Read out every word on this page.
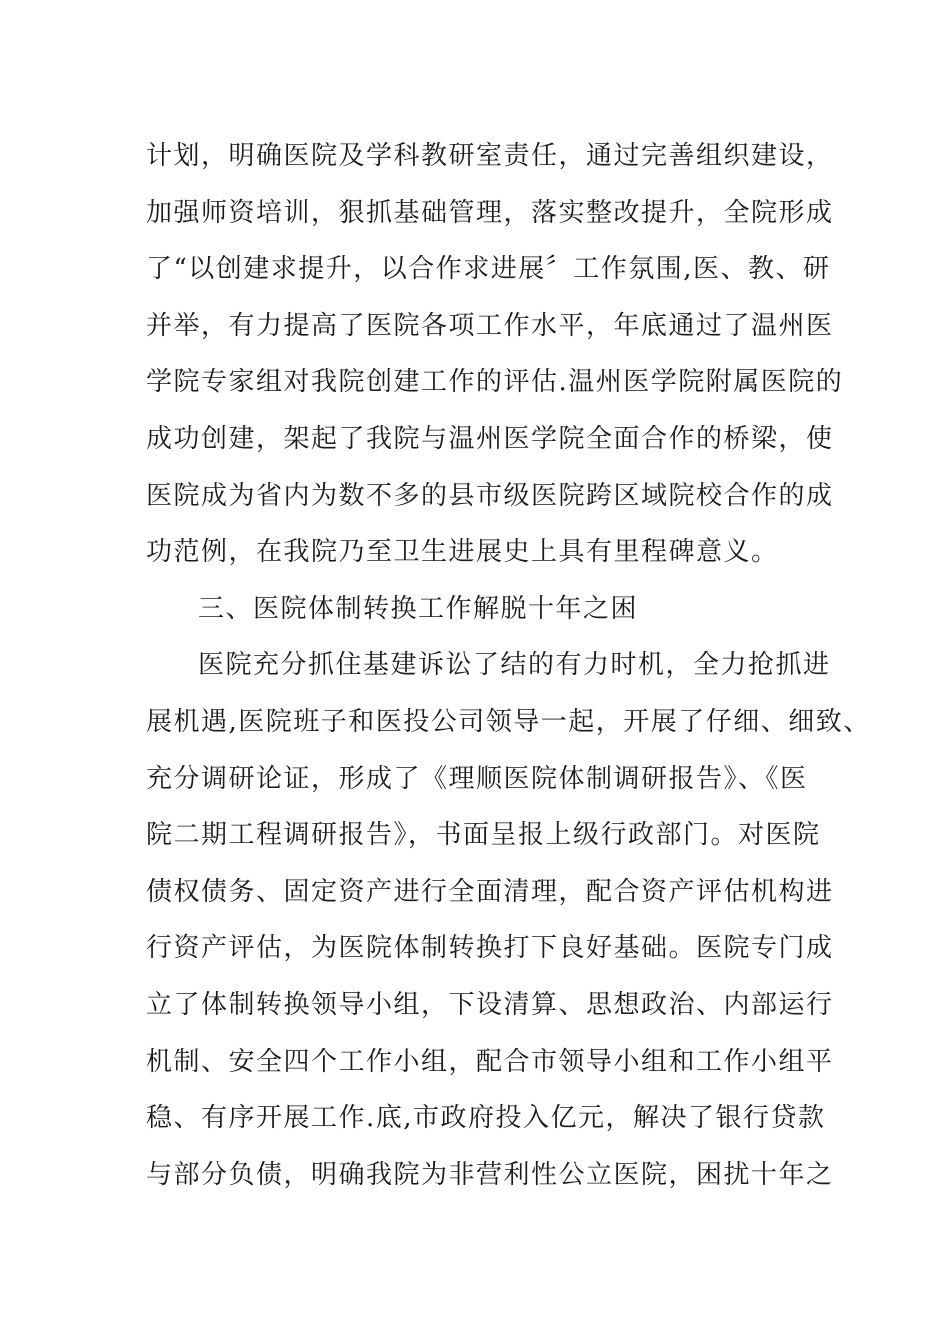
计划，明确医院及学科教研室责任，通过完善组织建设，
加强师资培训，狠抓基础管理，落实整改提升，全院形成
了“以创建求提升，以合作求进展〞工作氛围,医、教、研
并举，有力提高了医院各项工作水平，年底通过了温州医
学院专家组对我院创建工作的评估.温州医学院附属医院的
成功创建，架起了我院与温州医学院全面合作的桥梁，使
医院成为省内为数不多的县市级医院跨区域院校合作的成
功范例，在我院乃至卫生进展史上具有里程碑意义。
三、医院体制转换工作解脱十年之困
医院充分抓住基建诉讼了结的有力时机，全力抢抓进
展机遇,医院班子和医投公司领导一起，开展了仔细、细致、
充分调研论证，形成了《理顺医院体制调研报告》、《医
院二期工程调研报告》，书面呈报上级行政部门。对医院
债权债务、固定资产进行全面清理，配合资产评估机构进
行资产评估，为医院体制转换打下良好基础。医院专门成
立了体制转换领导小组，下设清算、思想政治、内部运行
机制、安全四个工作小组，配合市领导小组和工作小组平
稳、有序开展工作.底,市政府投入亿元，解决了银行贷款
与部分负债，明确我院为非营利性公立医院，困扰十年之
